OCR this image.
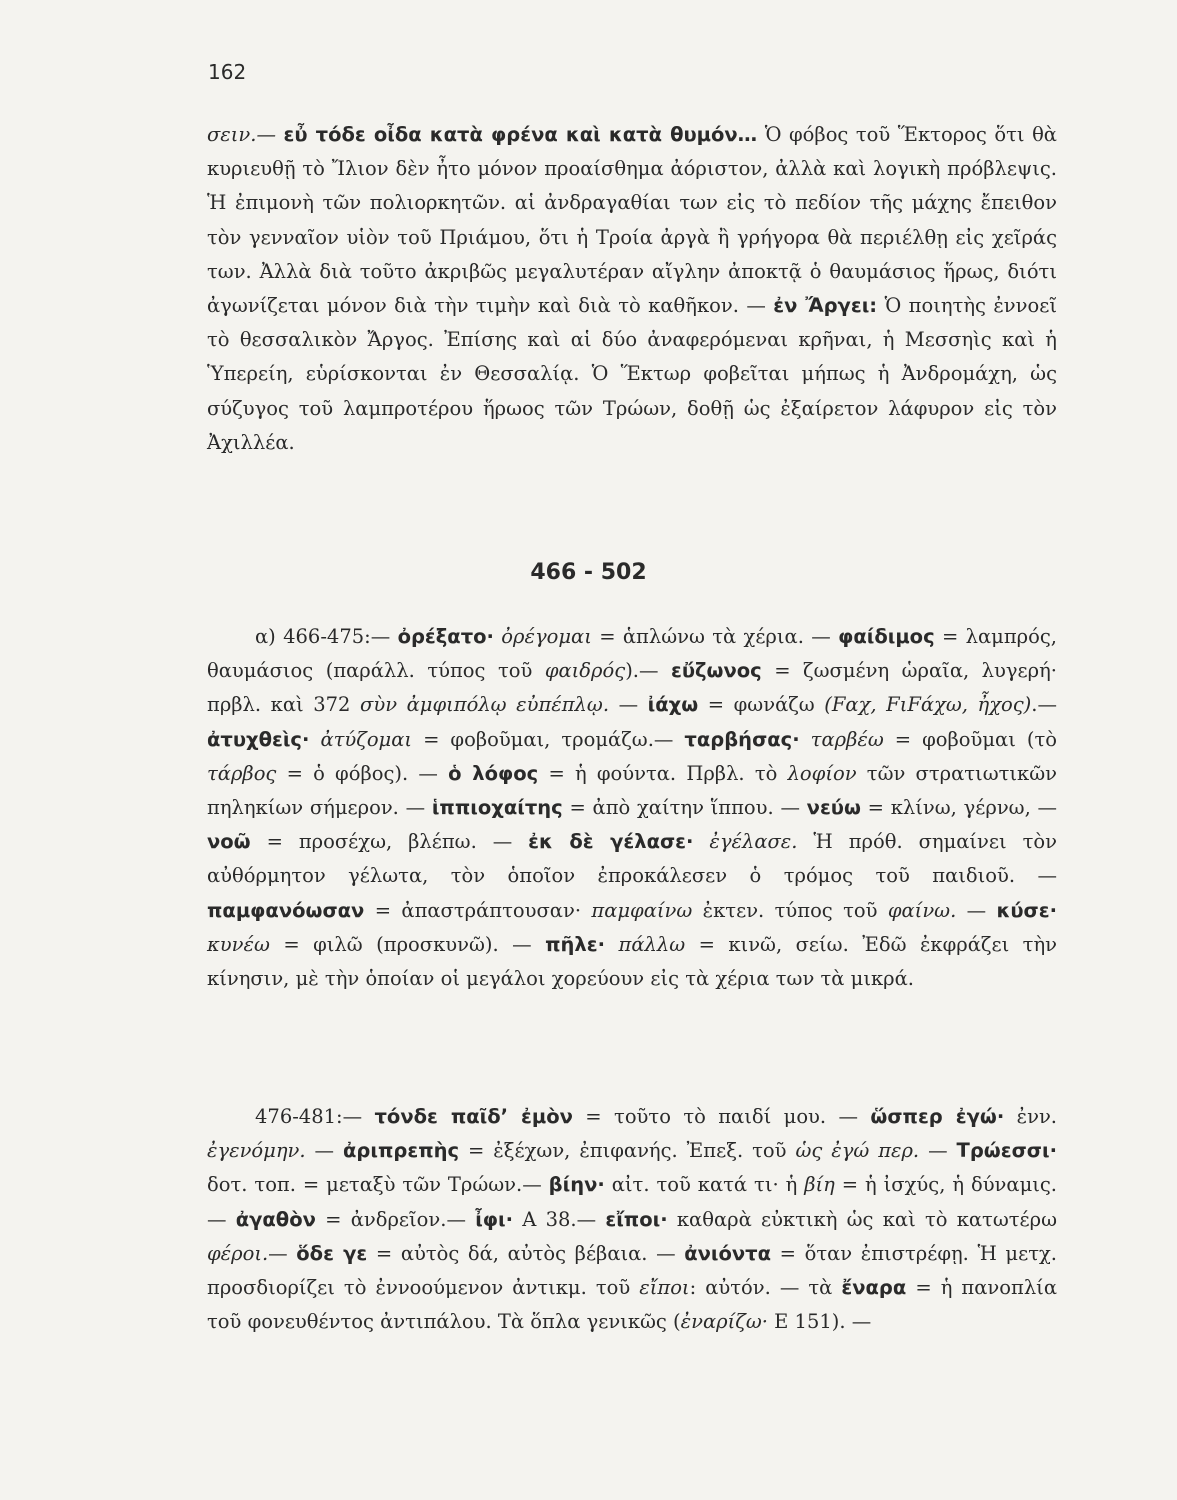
162

σειν.— εὖ τόδε οἶδα κατὰ φρένα καὶ κατὰ θυμόν… Ὁ φόβος τοῦ Ἕκτορος ὅτι θὰ κυριευθῇ τὸ Ἴλιον δὲν ἦτο μόνον προαίσθημα ἀόριστον, ἀλλὰ καὶ λογικὴ πρόβλεψις. Ἡ ἐπιμονὴ τῶν πολιορκητῶν. αἱ ἀνδραγαθίαι των εἰς τὸ πεδίον τῆς μάχης ἔπειθον τὸν γενναῖον υἱὸν τοῦ Πριάμου, ὅτι ἡ Τροία ἀργὰ ἢ γρήγορα θὰ περιέλθῃ εἰς χεῖράς των. Ἀλλὰ διὰ τοῦτο ἀκριβῶς μεγαλυτέραν αἴγλην ἀποκτᾷ ὁ θαυμάσιος ἥρως, διότι ἀγωνίζεται μόνον διὰ τὴν τιμὴν καὶ διὰ τὸ καθῆκον. — ἐν Ἄργει: Ὁ ποιητὴς ἐννοεῖ τὸ θεσσαλικὸν Ἄργος. Ἐπίσης καὶ αἱ δύο ἀναφερόμεναι κρῆναι, ἡ Μεσσηὶς καὶ ἡ Ὑπερείη, εὑρίσκονται ἐν Θεσσαλίᾳ. Ὁ Ἕκτωρ φοβεῖται μήπως ἡ Ἀνδρομάχη, ὡς σύζυγος τοῦ λαμπροτέρου ἥρωος τῶν Τρώων, δοθῇ ὡς ἐξαίρετον λάφυρον εἰς τὸν Ἀχιλλέα.

466 - 502

α) 466-475:— ὀρέξατο· ὀρέγομαι = ἁπλώνω τὰ χέρια. — φαίδιμος = λαμπρός, θαυμάσιος (παράλλ. τύπος τοῦ φαιδρός).— εὔζωνος = ζωσμένη ὡραῖα, λυγερή· πρβλ. καὶ 372 σὺν ἀμφιπόλῳ εὐπέπλῳ. — ἰάχω = φωνάζω (Fαχ, FιFάχω, ἦχος).— ἀτυχθεὶς· ἀτύζομαι = φοβοῦμαι, τρομάζω.— ταρβήσας· ταρβέω = φοβοῦμαι (τὸ τάρβος = ὁ φόβος). — ὁ λόφος = ἡ φούντα. Πρβλ. τὸ λοφίον τῶν στρατιωτικῶν πηληκίων σήμερον. — ἱππιοχαίτης = ἀπὸ χαίτην ἵππου. — νεύω = κλίνω, γέρνω, — νοῶ = προσέχω, βλέπω. — ἐκ δὲ γέλασε· ἐγέλασε. Ἡ πρόθ. σημαίνει τὸν αὐθόρμητον γέλωτα, τὸν ὁποῖον ἐπροκάλεσεν ὁ τρόμος τοῦ παιδιοῦ. — παμφανόωσαν = ἀπαστράπτουσαν· παμφαίνω ἐκτεν. τύπος τοῦ φαίνω. — κύσε· κυνέω = φιλῶ (προσκυνῶ). — πῆλε· πάλλω = κινῶ, σείω. Ἐδῶ ἐκφράζει τὴν κίνησιν, μὲ τὴν ὁποίαν οἱ μεγάλοι χορεύουν εἰς τὰ χέρια των τὰ μικρά.

476-481:— τόνδε παῖδ’ ἐμὸν = τοῦτο τὸ παιδί μου. — ὥσπερ ἐγώ· ἐνν. ἐγενόμην. — ἀριπρεπὴς = ἐξέχων, ἐπιφανής. Ἐπεξ. τοῦ ὡς ἐγώ περ. — Τρώεσσι· δοτ. τοπ. = μεταξὺ τῶν Τρώων.— βίην· αἰτ. τοῦ κατά τι· ἡ βίη = ἡ ἰσχύς, ἡ δύναμις. — ἀγαθὸν = ἀνδρεῖον.— ἶφι· Α 38.— εἴποι· καθαρὰ εὐκτικὴ ὡς καὶ τὸ κατωτέρω φέροι.— ὅδε γε = αὐτὸς δά, αὐτὸς βέβαια. — ἀνιόντα = ὅταν ἐπιστρέφῃ. Ἡ μετχ. προσδιορίζει τὸ ἐννοούμενον ἀντικμ. τοῦ εἴποι: αὐτόν. — τὰ ἔναρα = ἡ πανοπλία τοῦ φονευθέντος ἀντιπάλου. Τὰ ὅπλα γενικῶς (ἐναρίζω· Ε 151). —
